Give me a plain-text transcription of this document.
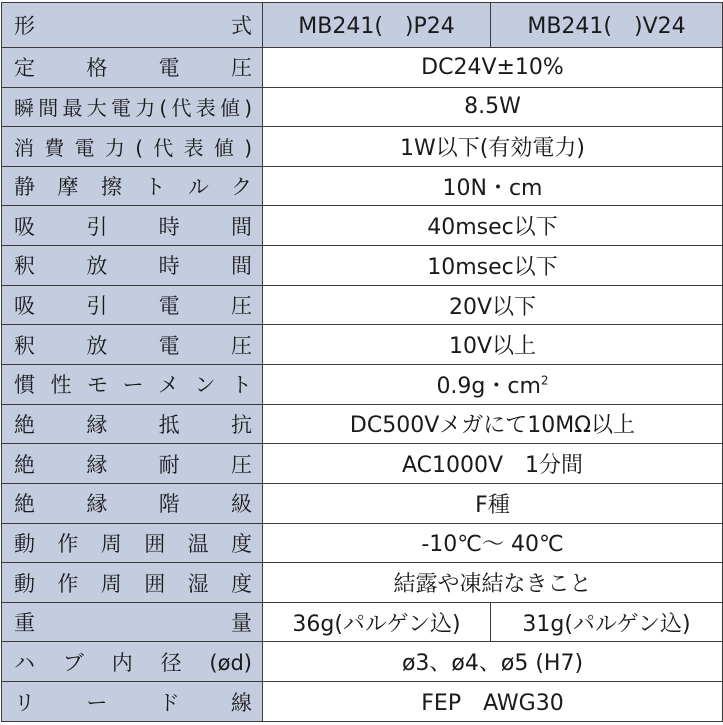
形　　　　式	MB241(　)P24	MB241(　)V24
定　格　電　圧	DC24V±10%	
瞬間最大電力(代表値)	8.5W	
消費電力(代表値)	1W以下(有効電力)	
静摩擦トルク	10N・cm	
吸　引　時　間	40msec以下	
釈　放　時　間	10msec以下	
吸　引　電　圧	20V以下	
釈　放　電　圧	10V以上	
慣性モーメント	0.9g・$cm^2$
絶　縁　抵　抗	DC500Vメガにて10MΩ以上	
絶　縁　耐　圧	AC1000V　1分間	
絶　縁　階　級	F種	
動作周囲温度	-10℃〜 40℃	
動作周囲湿度	結露や凍結なきこと	
重　　　　量	36g(パルゲン込)	31g(パルゲン込)
ハブ内径(ød)	ø3、ø4、ø5 (H7)	
リ　ー　ド　線	FEP　AWG30	
